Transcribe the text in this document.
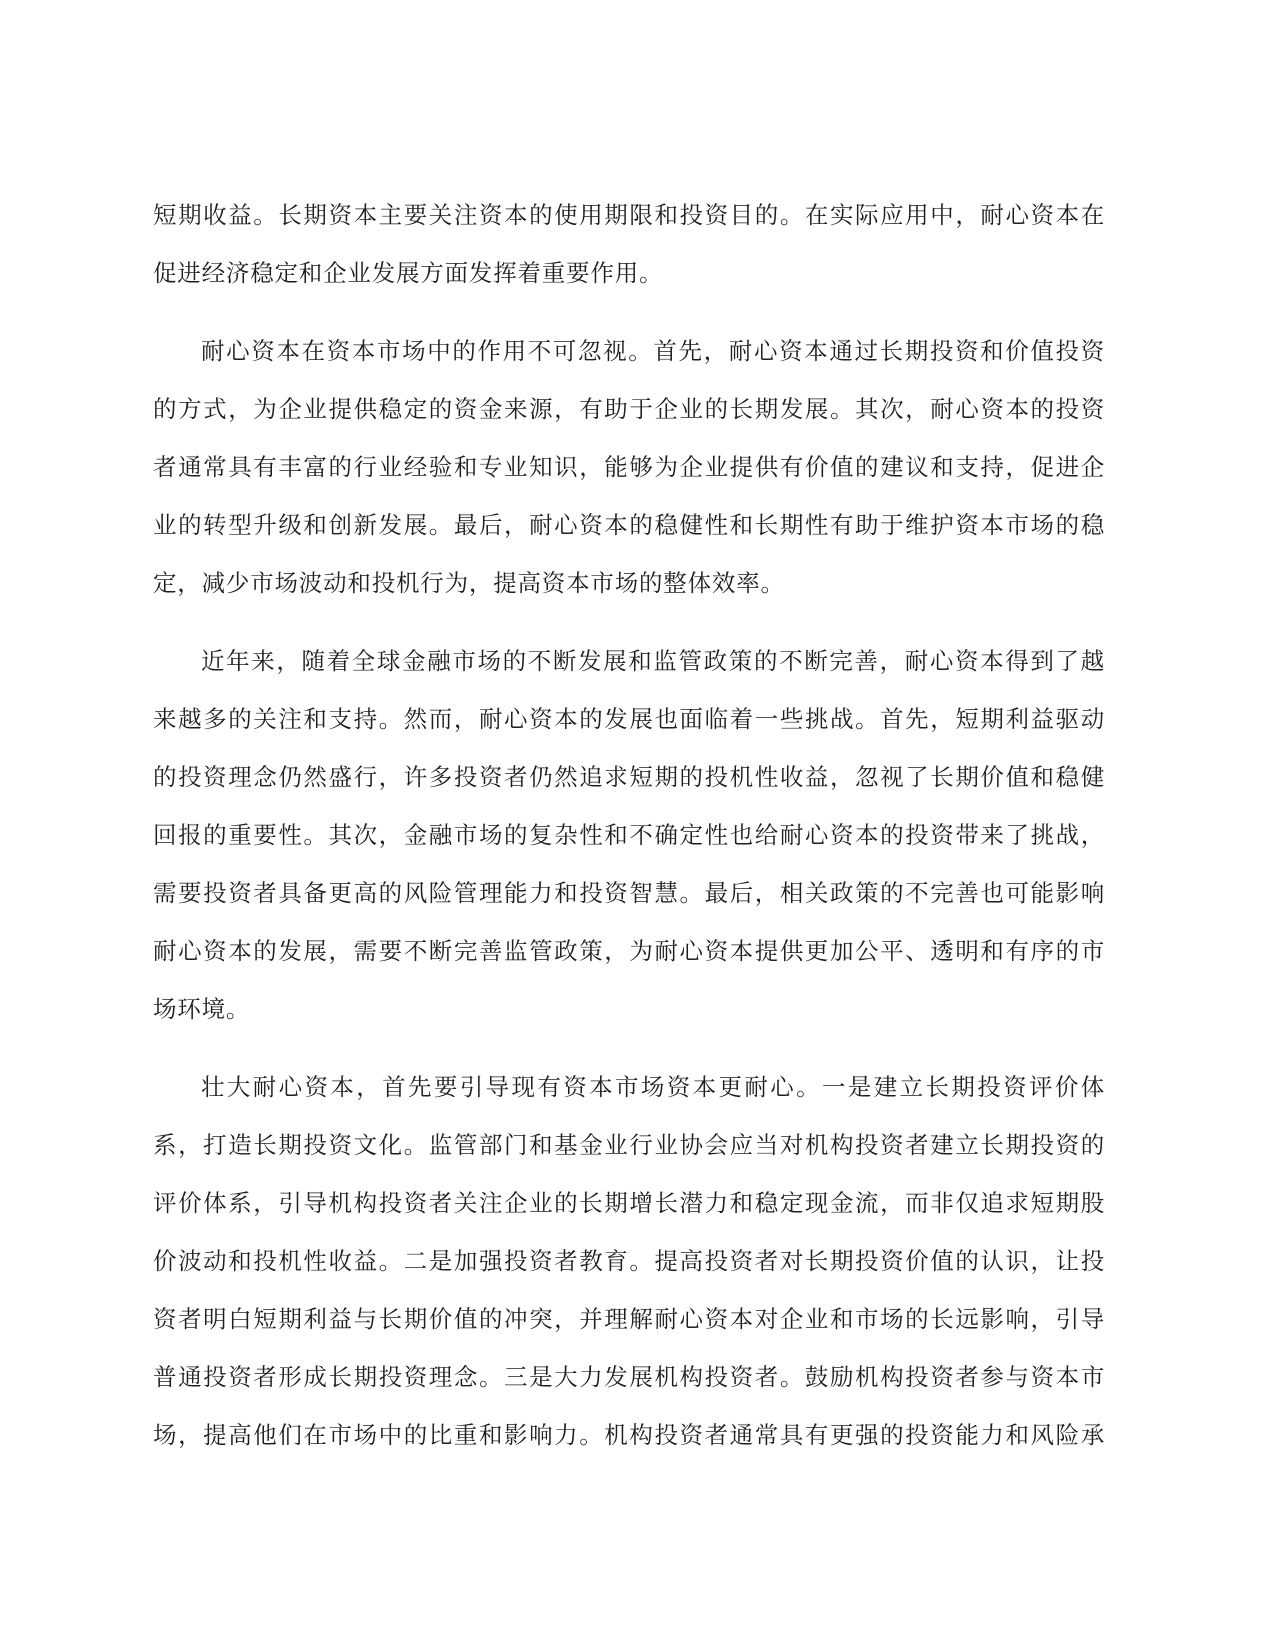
短期收益。长期资本主要关注资本的使用期限和投资目的。在实际应用中，耐心资本在
促进经济稳定和企业发展方面发挥着重要作用。

耐心资本在资本市场中的作用不可忽视。首先，耐心资本通过长期投资和价值投资
的方式，为企业提供稳定的资金来源，有助于企业的长期发展。其次，耐心资本的投资
者通常具有丰富的行业经验和专业知识，能够为企业提供有价值的建议和支持，促进企
业的转型升级和创新发展。最后，耐心资本的稳健性和长期性有助于维护资本市场的稳
定，减少市场波动和投机行为，提高资本市场的整体效率。

近年来，随着全球金融市场的不断发展和监管政策的不断完善，耐心资本得到了越
来越多的关注和支持。然而，耐心资本的发展也面临着一些挑战。首先，短期利益驱动
的投资理念仍然盛行，许多投资者仍然追求短期的投机性收益，忽视了长期价值和稳健
回报的重要性。其次，金融市场的复杂性和不确定性也给耐心资本的投资带来了挑战，
需要投资者具备更高的风险管理能力和投资智慧。最后，相关政策的不完善也可能影响
耐心资本的发展，需要不断完善监管政策，为耐心资本提供更加公平、透明和有序的市
场环境。

壮大耐心资本，首先要引导现有资本市场资本更耐心。一是建立长期投资评价体
系，打造长期投资文化。监管部门和基金业行业协会应当对机构投资者建立长期投资的
评价体系，引导机构投资者关注企业的长期增长潜力和稳定现金流，而非仅追求短期股
价波动和投机性收益。二是加强投资者教育。提高投资者对长期投资价值的认识，让投
资者明白短期利益与长期价值的冲突，并理解耐心资本对企业和市场的长远影响，引导
普通投资者形成长期投资理念。三是大力发展机构投资者。鼓励机构投资者参与资本市
场，提高他们在市场中的比重和影响力。机构投资者通常具有更强的投资能力和风险承
